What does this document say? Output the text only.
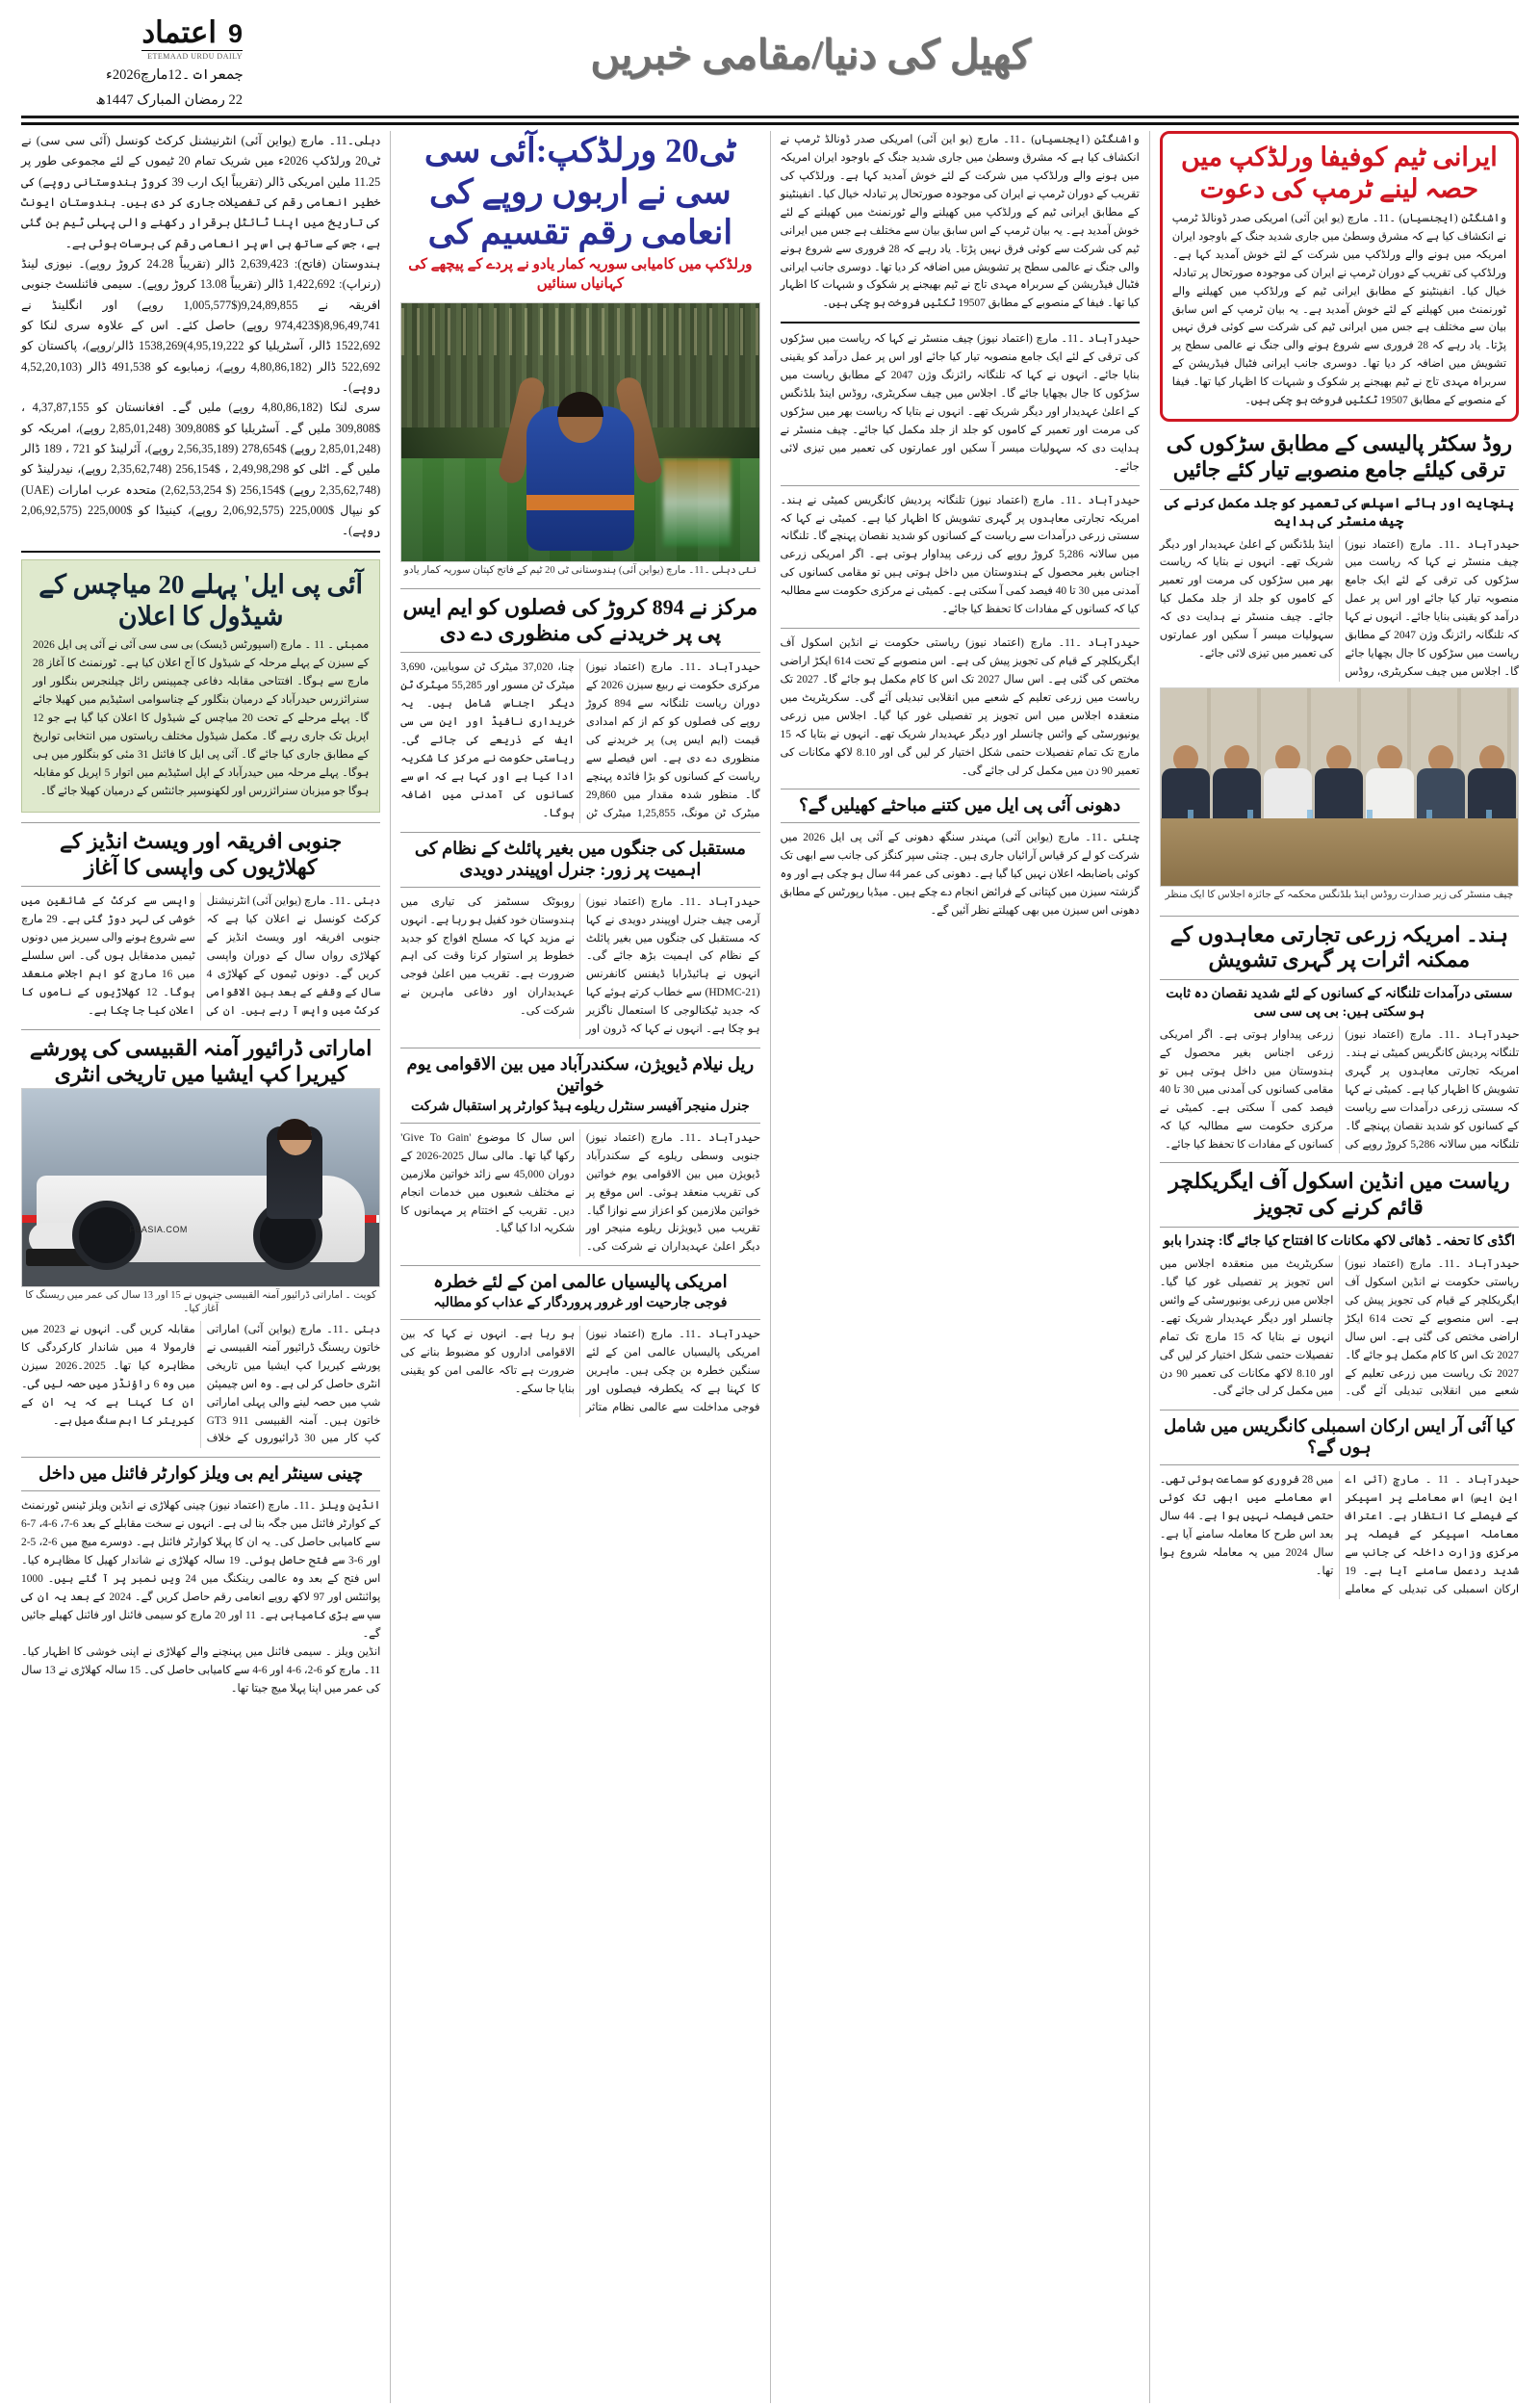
9اعتماد
ETEMAAD URDU DAILY
جمعرات ۔12مارچ2026ء
22 رمضان المبارک 1447ھ
کھیل کی دنیا/مقامی خبریں
دہلی۔11۔ مارچ (یواین آئی) انٹرنیشنل کرکٹ کونسل (آئی سی سی) نے ٹی20 ورلڈکپ 2026ء میں شریک تمام 20 ٹیموں کے لئے مجموعی طور پر 11.25 ملین امریکی ڈالر (تقریباً ایک ارب 39 کروڑ ہندوستانی روپے) کی خطیر انعامی رقم کی تفصیلات جاری کر دی ہیں۔ ہندوستان ایونٹ کی تاریخ میں اپنا ٹائٹل برقرار رکھنے والی پہلی ٹیم بن گئی ہے، جس کے ساتھ ہی اس پر انعامی رقم کی برسات ہوئی ہے۔
ہندوستان (فاتح): 2,639,423 ڈالر (تقریباً 24.28 کروڑ روپے)۔ نیوزی لینڈ (رنراپ): 1,422,692 ڈالر (تقریباً 13.08 کروڑ روپے)۔ سیمی فائنلسٹ جنوبی افریقہ نے 9,24,89,855($1,005,577 روپے) اور انگلینڈ نے 8,96,49,741($974,423 روپے) حاصل کئے۔ اس کے علاوہ سری لنکا کو 1522,692 ڈالر، آسٹریلیا کو 4,95,19,222)1538,269 ڈالر/روپے)، پاکستان کو 522,692 ڈالر (4,80,86,182 روپے)، زمبابوے کو 491,538 ڈالر (4,52,20,103 روپے)۔
سری لنکا (4,80,86,182 روپے) ملیں گے۔ افغانستان کو 4,37,87,155 ، $309,808 ملیں گے۔ آسٹریلیا کو $309,808 (2,85,01,248 روپے)، امریکہ کو (2,85,01,248 روپے) $278,654 (2,56,35,189 روپے)، آئرلینڈ کو 721 ، 189 ڈالر ملیں گے۔ اٹلی کو 2,49,98,298 ، $256,154 (2,35,62,748 روپے)، نیدرلینڈ کو (2,35,62,748 روپے) $256,154 ($ 2,62,53,254) متحدہ عرب امارات (UAE) کو نیپال $225,000 (2,06,92,575 روپے)، کینیڈا کو $225,000 (2,06,92,575 روپے)۔
آئی پی ایل' پہلے 20 میاچس کے شیڈول کا اعلان
ممبئی ۔ 11 ۔ مارچ (اسپورٹس ڈیسک) بی سی سی آئی نے آئی پی ایل 2026 کے سیزن کے پہلے مرحلہ کے شیڈول کا آج اعلان کیا ہے۔ ٹورنمنٹ کا آغاز 28 مارچ سے ہوگا۔ افتتاحی مقابلہ دفاعی چمپینس رائل چیلنجرس بنگلور اور سنرائزرس حیدرآباد کے درمیان بنگلور کے چناسوامی اسٹیڈیم میں کھیلا جائے گا۔ پہلے مرحلے کے تحت 20 میاچس کے شیڈول کا اعلان کیا گیا ہے جو 12 اپریل تک جاری رہے گا۔ مکمل شیڈول مختلف ریاستوں میں انتخابی تواریخ کے مطابق جاری کیا جائے گا۔ آئی پی ایل کا فائنل 31 مئی کو بنگلور میں ہی ہوگا۔ پہلے مرحلہ میں حیدرآباد کے اپل اسٹیڈیم میں اتوار 5 اپریل کو مقابلہ ہوگا جو میزبان سنرائزرس اور لکھنوسپر جائنٹس کے درمیان کھیلا جائے گا۔
جنوبی افریقہ اور ویسٹ انڈیز کے کھلاڑیوں کی واپسی کا آغاز
دبئی ۔11۔ مارچ (یواین آئی) انٹرنیشنل کرکٹ کونسل نے اعلان کیا ہے کہ جنوبی افریقہ اور ویسٹ انڈیز کے کھلاڑی رواں سال کے دوران واپسی کریں گے۔ دونوں ٹیموں کے کھلاڑی 4 سال کے وقفے کے بعد بین الاقوامی کرکٹ میں واپس آ رہے ہیں۔ ان کی واپسی سے کرکٹ کے شائقین میں خوشی کی لہر دوڑ گئی ہے۔ 29 مارچ سے شروع ہونے والی سیریز میں دونوں ٹیمیں مدمقابل ہوں گی۔ اس سلسلے میں 16 مارچ کو اہم اجلاس منعقد ہوگا۔ 12 کھلاڑیوں کے ناموں کا اعلان کیا جا چکا ہے۔
اماراتی ڈرائیور آمنہ القبیسی کی پورشے کیریرا کپ ایشیا میں تاریخی انٹری
FBASIA.COM
کویت ۔ اماراتی ڈرائیور آمنہ القبیسی جنہوں نے 15 اور 13 سال کی عمر میں ریسنگ کا آغاز کیا۔
دبئی ۔11۔ مارچ (یواین آئی) اماراتی خاتون ریسنگ ڈرائیور آمنہ القبیسی نے پورشے کیریرا کپ ایشیا میں تاریخی انٹری حاصل کر لی ہے۔ وہ اس چیمپئن شپ میں حصہ لینے والی پہلی اماراتی خاتون ہیں۔ آمنہ القبیسی 911 GT3 کپ کار میں 30 ڈرائیوروں کے خلاف مقابلہ کریں گی۔ انہوں نے 2023 میں فارمولا 4 میں شاندار کارکردگی کا مظاہرہ کیا تھا۔ 2025۔2026 سیزن میں وہ 6 راؤنڈز میں حصہ لیں گی۔ ان کا کہنا ہے کہ یہ ان کے کیریئر کا اہم سنگ میل ہے۔
چینی سینٹر ایم بی ویلز کوارٹر فائنل میں داخل
انڈین ویلز ۔11۔ مارچ (اعتماد نیوز) چینی کھلاڑی نے انڈین ویلز ٹینس ٹورنمنٹ کے کوارٹر فائنل میں جگہ بنا لی ہے۔ انہوں نے سخت مقابلے کے بعد 6-7، 6-4، 7-6 سے کامیابی حاصل کی۔ یہ ان کا پہلا کوارٹر فائنل ہے۔ دوسرے میچ میں 6-2، 5-2 اور 6-3 سے فتح حاصل ہوئی۔ 19 سالہ کھلاڑی نے شاندار کھیل کا مظاہرہ کیا۔ اس فتح کے بعد وہ عالمی رینکنگ میں 24 ویں نمبر پر آ گئے ہیں۔ 1000 پوائنٹس اور 97 لاکھ روپے انعامی رقم حاصل کریں گے۔ 2024 کے بعد یہ ان کی سب سے بڑی کامیابی ہے۔ 11 اور 20 مارچ کو سیمی فائنل اور فائنل کھیلے جائیں گے۔
انڈین ویلز ۔ سیمی فائنل میں پہنچنے والے کھلاڑی نے اپنی خوشی کا اظہار کیا۔ 11۔ مارچ کو 6-2، 6-4 اور 6-4 سے کامیابی حاصل کی۔ 15 سالہ کھلاڑی نے 13 سال کی عمر میں اپنا پہلا میچ جیتا تھا۔
ٹی20 ورلڈکپ:آئی سی سی نے اربوں روپے کی انعامی رقم تقسیم کی
ورلڈکپ میں کامیابی سوریہ کمار یادو نے پردے کے پیچھے کی کہانیاں سنائیں
نئی دہلی ۔11۔ مارچ (یواین آئی) ہندوستانی ٹی 20 ٹیم کے فاتح کپتان سوریہ کمار یادو
مرکز نے 894 کروڑ کی فصلوں کو ایم ایس پی پر خریدنے کی منظوری دے دی
حیدرآباد ۔11۔ مارچ (اعتماد نیوز) مرکزی حکومت نے ربیع سیزن 2026 کے دوران ریاست تلنگانہ سے 894 کروڑ روپے کی فصلوں کو کم از کم امدادی قیمت (ایم ایس پی) پر خریدنے کی منظوری دے دی ہے۔ اس فیصلے سے ریاست کے کسانوں کو بڑا فائدہ پہنچے گا۔ منظور شدہ مقدار میں 29,860 میٹرک ٹن مونگ، 1,25,855 میٹرک ٹن چنا، 37,020 میٹرک ٹن سویابین، 3,690 میٹرک ٹن مسور اور 55,285 میٹرک ٹن دیگر اجناس شامل ہیں۔ یہ خریداری نافیڈ اور این سی سی ایف کے ذریعے کی جائے گی۔ ریاستی حکومت نے مرکز کا شکریہ ادا کیا ہے اور کہا ہے کہ اس سے کسانوں کی آمدنی میں اضافہ ہوگا۔
مستقبل کی جنگوں میں بغیر پائلٹ کے نظام کی اہمیت پر زور: جنرل اوپیندر دویدی
حیدرآباد ۔11۔ مارچ (اعتماد نیوز) آرمی چیف جنرل اوپیندر دویدی نے کہا کہ مستقبل کی جنگوں میں بغیر پائلٹ کے نظام کی اہمیت بڑھ جائے گی۔ انہوں نے ہائیڈرابا ڈیفنس کانفرنس (HDMC-21) سے خطاب کرتے ہوئے کہا کہ جدید ٹیکنالوجی کا استعمال ناگزیر ہو چکا ہے۔ انہوں نے کہا کہ ڈرون اور روبوٹک سسٹمز کی تیاری میں ہندوستان خود کفیل ہو رہا ہے۔ انہوں نے مزید کہا کہ مسلح افواج کو جدید خطوط پر استوار کرنا وقت کی اہم ضرورت ہے۔ تقریب میں اعلیٰ فوجی عہدیداران اور دفاعی ماہرین نے شرکت کی۔
ریل نیلام ڈیویژن، سکندرآباد میں بین الاقوامی یوم خواتین
جنرل منیجر آفیسر سنٹرل ریلوے ہیڈ کوارٹر پر استقبال شرکت
حیدرآباد ۔11۔ مارچ (اعتماد نیوز) جنوبی وسطی ریلوے کے سکندرآباد ڈیویژن میں بین الاقوامی یوم خواتین کی تقریب منعقد ہوئی۔ اس موقع پر خواتین ملازمین کو اعزاز سے نوازا گیا۔ تقریب میں ڈیویژنل ریلوے منیجر اور دیگر اعلیٰ عہدیداران نے شرکت کی۔ اس سال کا موضوع 'Give To Gain' رکھا گیا تھا۔ مالی سال 2025-2026 کے دوران 45,000 سے زائد خواتین ملازمین نے مختلف شعبوں میں خدمات انجام دیں۔ تقریب کے اختتام پر مہمانوں کا شکریہ ادا کیا گیا۔
امریکی پالیسیاں عالمی امن کے لئے خطرہ
فوجی جارحیت اور غرور پروردگار کے عذاب کو مطالبہ
حیدرآباد ۔11۔ مارچ (اعتماد نیوز) امریکی پالیسیاں عالمی امن کے لئے سنگین خطرہ بن چکی ہیں۔ ماہرین کا کہنا ہے کہ یکطرفہ فیصلوں اور فوجی مداخلت سے عالمی نظام متاثر ہو رہا ہے۔ انہوں نے کہا کہ بین الاقوامی اداروں کو مضبوط بنانے کی ضرورت ہے تاکہ عالمی امن کو یقینی بنایا جا سکے۔
واشنگٹن (ایجنسیاں) ۔11۔ مارچ (یو این آئی) امریکی صدر ڈونالڈ ٹرمپ نے انکشاف کیا ہے کہ مشرق وسطیٰ میں جاری شدید جنگ کے باوجود ایران امریکہ میں ہونے والے ورلڈکپ میں شرکت کے لئے خوش آمدید کہا ہے۔ ورلڈکپ کی تقریب کے دوران ٹرمپ نے ایران کی موجودہ صورتحال پر تبادلہ خیال کیا۔ انفینٹینو کے مطابق ایرانی ٹیم کے ورلڈکپ میں کھیلنے والے ٹورنمنٹ میں کھیلنے کے لئے خوش آمدید ہے۔ یہ بیان ٹرمپ کے اس سابق بیان سے مختلف ہے جس میں ایرانی ٹیم کی شرکت سے کوئی فرق نہیں پڑتا۔ یاد رہے کہ 28 فروری سے شروع ہونے والی جنگ نے عالمی سطح پر تشویش میں اضافہ کر دیا تھا۔ دوسری جانب ایرانی فٹبال فیڈریشن کے سربراہ مہدی تاج نے ٹیم بھیجنے پر شکوک و شبہات کا اظہار کیا تھا۔ فیفا کے منصوبے کے مطابق 19507 ٹکٹیں فروخت ہو چکی ہیں۔
حیدرآباد ۔11۔ مارچ (اعتماد نیوز) چیف منسٹر نے کہا کہ ریاست میں سڑکوں کی ترقی کے لئے ایک جامع منصوبہ تیار کیا جائے اور اس پر عمل درآمد کو یقینی بنایا جائے۔ انہوں نے کہا کہ تلنگانہ رائزنگ وژن 2047 کے مطابق ریاست میں سڑکوں کا جال بچھایا جائے گا۔ اجلاس میں چیف سکریٹری، روڈس اینڈ بلڈنگس کے اعلیٰ عہدیدار اور دیگر شریک تھے۔ انہوں نے بتایا کہ ریاست بھر میں سڑکوں کی مرمت اور تعمیر کے کاموں کو جلد از جلد مکمل کیا جائے۔ چیف منسٹر نے ہدایت دی کہ سہولیات میسر آ سکیں اور عمارتوں کی تعمیر میں تیزی لائی جائے۔
حیدرآباد ۔11۔ مارچ (اعتماد نیوز) تلنگانہ پردیش کانگریس کمیٹی نے ہند۔ امریکہ تجارتی معاہدوں پر گہری تشویش کا اظہار کیا ہے۔ کمیٹی نے کہا کہ سستی زرعی درآمدات سے ریاست کے کسانوں کو شدید نقصان پہنچے گا۔ تلنگانہ میں سالانہ 5,286 کروڑ روپے کی زرعی پیداوار ہوتی ہے۔ اگر امریکی زرعی اجناس بغیر محصول کے ہندوستان میں داخل ہوتی ہیں تو مقامی کسانوں کی آمدنی میں 30 تا 40 فیصد کمی آ سکتی ہے۔ کمیٹی نے مرکزی حکومت سے مطالبہ کیا کہ کسانوں کے مفادات کا تحفظ کیا جائے۔
حیدرآباد ۔11۔ مارچ (اعتماد نیوز) ریاستی حکومت نے انڈین اسکول آف ایگریکلچر کے قیام کی تجویز پیش کی ہے۔ اس منصوبے کے تحت 614 ایکڑ اراضی مختص کی گئی ہے۔ اس سال 2027 تک اس کا کام مکمل ہو جائے گا۔ 2027 تک ریاست میں زرعی تعلیم کے شعبے میں انقلابی تبدیلی آئے گی۔ سکریٹریٹ میں منعقدہ اجلاس میں اس تجویز پر تفصیلی غور کیا گیا۔ اجلاس میں زرعی یونیورسٹی کے وائس چانسلر اور دیگر عہدیدار شریک تھے۔ انہوں نے بتایا کہ 15 مارچ تک تمام تفصیلات حتمی شکل اختیار کر لیں گی اور 8.10 لاکھ مکانات کی تعمیر 90 دن میں مکمل کر لی جائے گی۔
دھونی آئی پی ایل میں کتنے مباحثے کھیلیں گے؟
چنئی ۔11۔ مارچ (یواین آئی) مہندر سنگھ دھونی کے آئی پی ایل 2026 میں شرکت کو لے کر قیاس آرائیاں جاری ہیں۔ چنئی سپر کنگز کی جانب سے ابھی تک کوئی باضابطہ اعلان نہیں کیا گیا ہے۔ دھونی کی عمر 44 سال ہو چکی ہے اور وہ گزشتہ سیزن میں کپتانی کے فرائض انجام دے چکے ہیں۔ میڈیا رپورٹس کے مطابق دھونی اس سیزن میں بھی کھیلتے نظر آئیں گے۔
ایرانی ٹیم کوفیفا ورلڈکپ میں حصہ لینے ٹرمپ کی دعوت
واشنگٹن (ایجنسیاں) ۔11۔ مارچ (یو این آئی) امریکی صدر ڈونالڈ ٹرمپ نے انکشاف کیا ہے کہ مشرق وسطیٰ میں جاری شدید جنگ کے باوجود ایران امریکہ میں ہونے والے ورلڈکپ میں شرکت کے لئے خوش آمدید کہا ہے۔ ورلڈکپ کی تقریب کے دوران ٹرمپ نے ایران کی موجودہ صورتحال پر تبادلہ خیال کیا۔ انفینٹینو کے مطابق ایرانی ٹیم کے ورلڈکپ میں کھیلنے والے ٹورنمنٹ میں کھیلنے کے لئے خوش آمدید ہے۔ یہ بیان ٹرمپ کے اس سابق بیان سے مختلف ہے جس میں ایرانی ٹیم کی شرکت سے کوئی فرق نہیں پڑتا۔ یاد رہے کہ 28 فروری سے شروع ہونے والی جنگ نے عالمی سطح پر تشویش میں اضافہ کر دیا تھا۔ دوسری جانب ایرانی فٹبال فیڈریشن کے سربراہ مہدی تاج نے ٹیم بھیجنے پر شکوک و شبہات کا اظہار کیا تھا۔ فیفا کے منصوبے کے مطابق 19507 ٹکٹیں فروخت ہو چکی ہیں۔
روڈ سکٹر پالیسی کے مطابق سڑکوں کی ترقی کیلئے جامع منصوبے تیار کئے جائیں
پنچایت اور ہائے اسپلس کی تعمیر کو جلد مکمل کرنے کی چیف منسٹر کی ہدایت
حیدرآباد ۔11۔ مارچ (اعتماد نیوز) چیف منسٹر نے کہا کہ ریاست میں سڑکوں کی ترقی کے لئے ایک جامع منصوبہ تیار کیا جائے اور اس پر عمل درآمد کو یقینی بنایا جائے۔ انہوں نے کہا کہ تلنگانہ رائزنگ وژن 2047 کے مطابق ریاست میں سڑکوں کا جال بچھایا جائے گا۔ اجلاس میں چیف سکریٹری، روڈس اینڈ بلڈنگس کے اعلیٰ عہدیدار اور دیگر شریک تھے۔ انہوں نے بتایا کہ ریاست بھر میں سڑکوں کی مرمت اور تعمیر کے کاموں کو جلد از جلد مکمل کیا جائے۔ چیف منسٹر نے ہدایت دی کہ سہولیات میسر آ سکیں اور عمارتوں کی تعمیر میں تیزی لائی جائے۔
چیف منسٹر کی زیر صدارت روڈس اینڈ بلڈنگس محکمہ کے جائزہ اجلاس کا ایک منظر
ہند۔ امریکہ زرعی تجارتی معاہدوں کے ممکنہ اثرات پر گہری تشویش
سستی درآمدات تلنگانہ کے کسانوں کے لئے شدید نقصان دہ ثابت ہو سکتی ہیں: بی پی سی سی
حیدرآباد ۔11۔ مارچ (اعتماد نیوز) تلنگانہ پردیش کانگریس کمیٹی نے ہند۔ امریکہ تجارتی معاہدوں پر گہری تشویش کا اظہار کیا ہے۔ کمیٹی نے کہا کہ سستی زرعی درآمدات سے ریاست کے کسانوں کو شدید نقصان پہنچے گا۔ تلنگانہ میں سالانہ 5,286 کروڑ روپے کی زرعی پیداوار ہوتی ہے۔ اگر امریکی زرعی اجناس بغیر محصول کے ہندوستان میں داخل ہوتی ہیں تو مقامی کسانوں کی آمدنی میں 30 تا 40 فیصد کمی آ سکتی ہے۔ کمیٹی نے مرکزی حکومت سے مطالبہ کیا کہ کسانوں کے مفادات کا تحفظ کیا جائے۔
ریاست میں انڈین اسکول آف ایگریکلچر قائم کرنے کی تجویز
اگڈی کا تحفہ۔ ڈھائی لاکھ مکانات کا افتتاح کیا جائے گا: چندرا بابو
حیدرآباد ۔11۔ مارچ (اعتماد نیوز) ریاستی حکومت نے انڈین اسکول آف ایگریکلچر کے قیام کی تجویز پیش کی ہے۔ اس منصوبے کے تحت 614 ایکڑ اراضی مختص کی گئی ہے۔ اس سال 2027 تک اس کا کام مکمل ہو جائے گا۔ 2027 تک ریاست میں زرعی تعلیم کے شعبے میں انقلابی تبدیلی آئے گی۔ سکریٹریٹ میں منعقدہ اجلاس میں اس تجویز پر تفصیلی غور کیا گیا۔ اجلاس میں زرعی یونیورسٹی کے وائس چانسلر اور دیگر عہدیدار شریک تھے۔ انہوں نے بتایا کہ 15 مارچ تک تمام تفصیلات حتمی شکل اختیار کر لیں گی اور 8.10 لاکھ مکانات کی تعمیر 90 دن میں مکمل کر لی جائے گی۔
کیا آئی آر ایس ارکان اسمبلی کانگریس میں شامل ہوں گے؟
حیدرآباد ۔ 11 ۔ مارچ (آئی اے این ایس) اس معاملے پر اسپیکر کے فیصلے کا انتظار ہے۔ اعتراف معاملہ اسپیکر کے فیصلہ پر مرکزی وزارت داخلہ کی جانب سے شدید ردعمل سامنے آیا ہے۔ 19 ارکان اسمبلی کی تبدیلی کے معاملے میں 28 فروری کو سماعت ہوئی تھی۔ اس معاملے میں ابھی تک کوئی حتمی فیصلہ نہیں ہوا ہے۔ 44 سال بعد اس طرح کا معاملہ سامنے آیا ہے۔ سال 2024 میں یہ معاملہ شروع ہوا تھا۔
